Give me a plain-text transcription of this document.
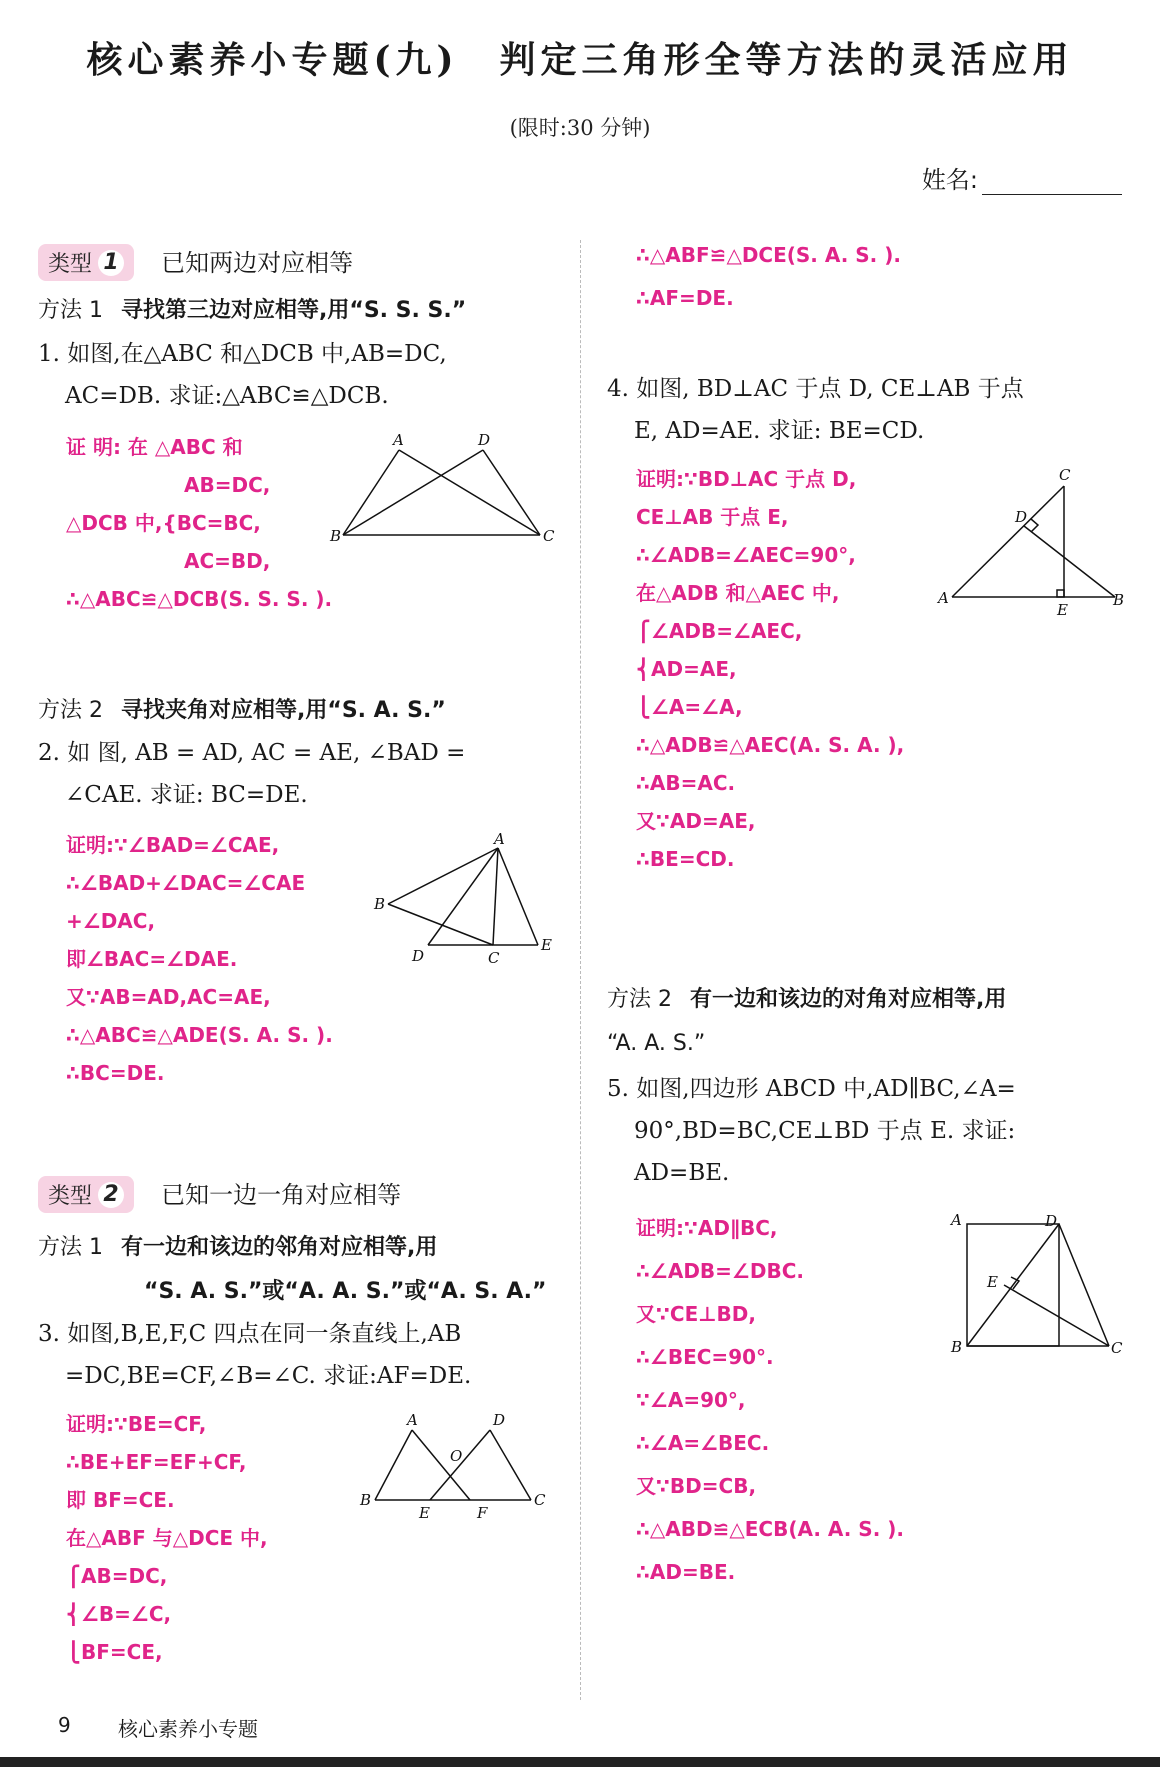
核心素养小专题(九)　判定三角形全等方法的灵活应用
(限时:30 分钟)
姓名:
类型 1 已知两边对应相等
方法 1 寻找第三边对应相等,用“S. S. S.”
1. 如图,在△ABC 和△DCB 中,AB=DC,
AC=DB. 求证:△ABC≌△DCB.
证 明: 在 △ABC 和
AB=DC,
△DCB 中,{BC=BC,
AC=BD,
∴△ABC≌△DCB(S. S. S. ).
A	D
B	C
方法 2 寻找夹角对应相等,用“S. A. S.”
2. 如 图, AB = AD, AC = AE, ∠BAD =
∠CAE. 求证: BC=DE.
证明:∵∠BAD=∠CAE,
∴∠BAD+∠DAC=∠CAE
+∠DAC,
即∠BAC=∠DAE.
又∵AB=AD,AC=AE,
∴△ABC≌△ADE(S. A. S. ).
∴BC=DE.
A
B
D	C
E
类型 2 已知一边一角对应相等
方法 1 有一边和该边的邻角对应相等,用
“S. A. S.”或“A. A. S.”或“A. S. A.”
3. 如图,B,E,F,C 四点在同一条直线上,AB
=DC,BE=CF,∠B=∠C. 求证:AF=DE.
证明:∵BE=CF,
∴BE+EF=EF+CF,
即 BF=CE.
在△ABF 与△DCE 中,
⎧AB=DC,
⎨∠B=∠C,
⎩BF=CE,
A	D
O
B
E	F
C
∴△ABF≌△DCE(S. A. S. ).
∴AF=DE.
4. 如图, BD⊥AC 于点 D, CE⊥AB 于点
E, AD=AE. 求证: BE=CD.
证明:∵BD⊥AC 于点 D,
CE⊥AB 于点 E,
∴∠ADB=∠AEC=90°,
在△ADB 和△AEC 中,
⎧∠ADB=∠AEC,
⎨AD=AE,
⎩∠A=∠A,
∴△ADB≌△AEC(A. S. A. ),
∴AB=AC.
又∵AD=AE,
∴BE=CD.
C
D
A
E
B
方法 2 有一边和该边的对角对应相等,用
“A. A. S.”
5. 如图,四边形 ABCD 中,AD∥BC,∠A=
90°,BD=BC,CE⊥BD 于点 E. 求证:
AD=BE.
证明:∵AD∥BC,
∴∠ADB=∠DBC.
又∵CE⊥BD,
∴∠BEC=90°.
∵∠A=90°,
∴∠A=∠BEC.
又∵BD=CB,
∴△ABD≌△ECB(A. A. S. ).
∴AD=BE.
A	D
E
B	C
9 核心素养小专题
